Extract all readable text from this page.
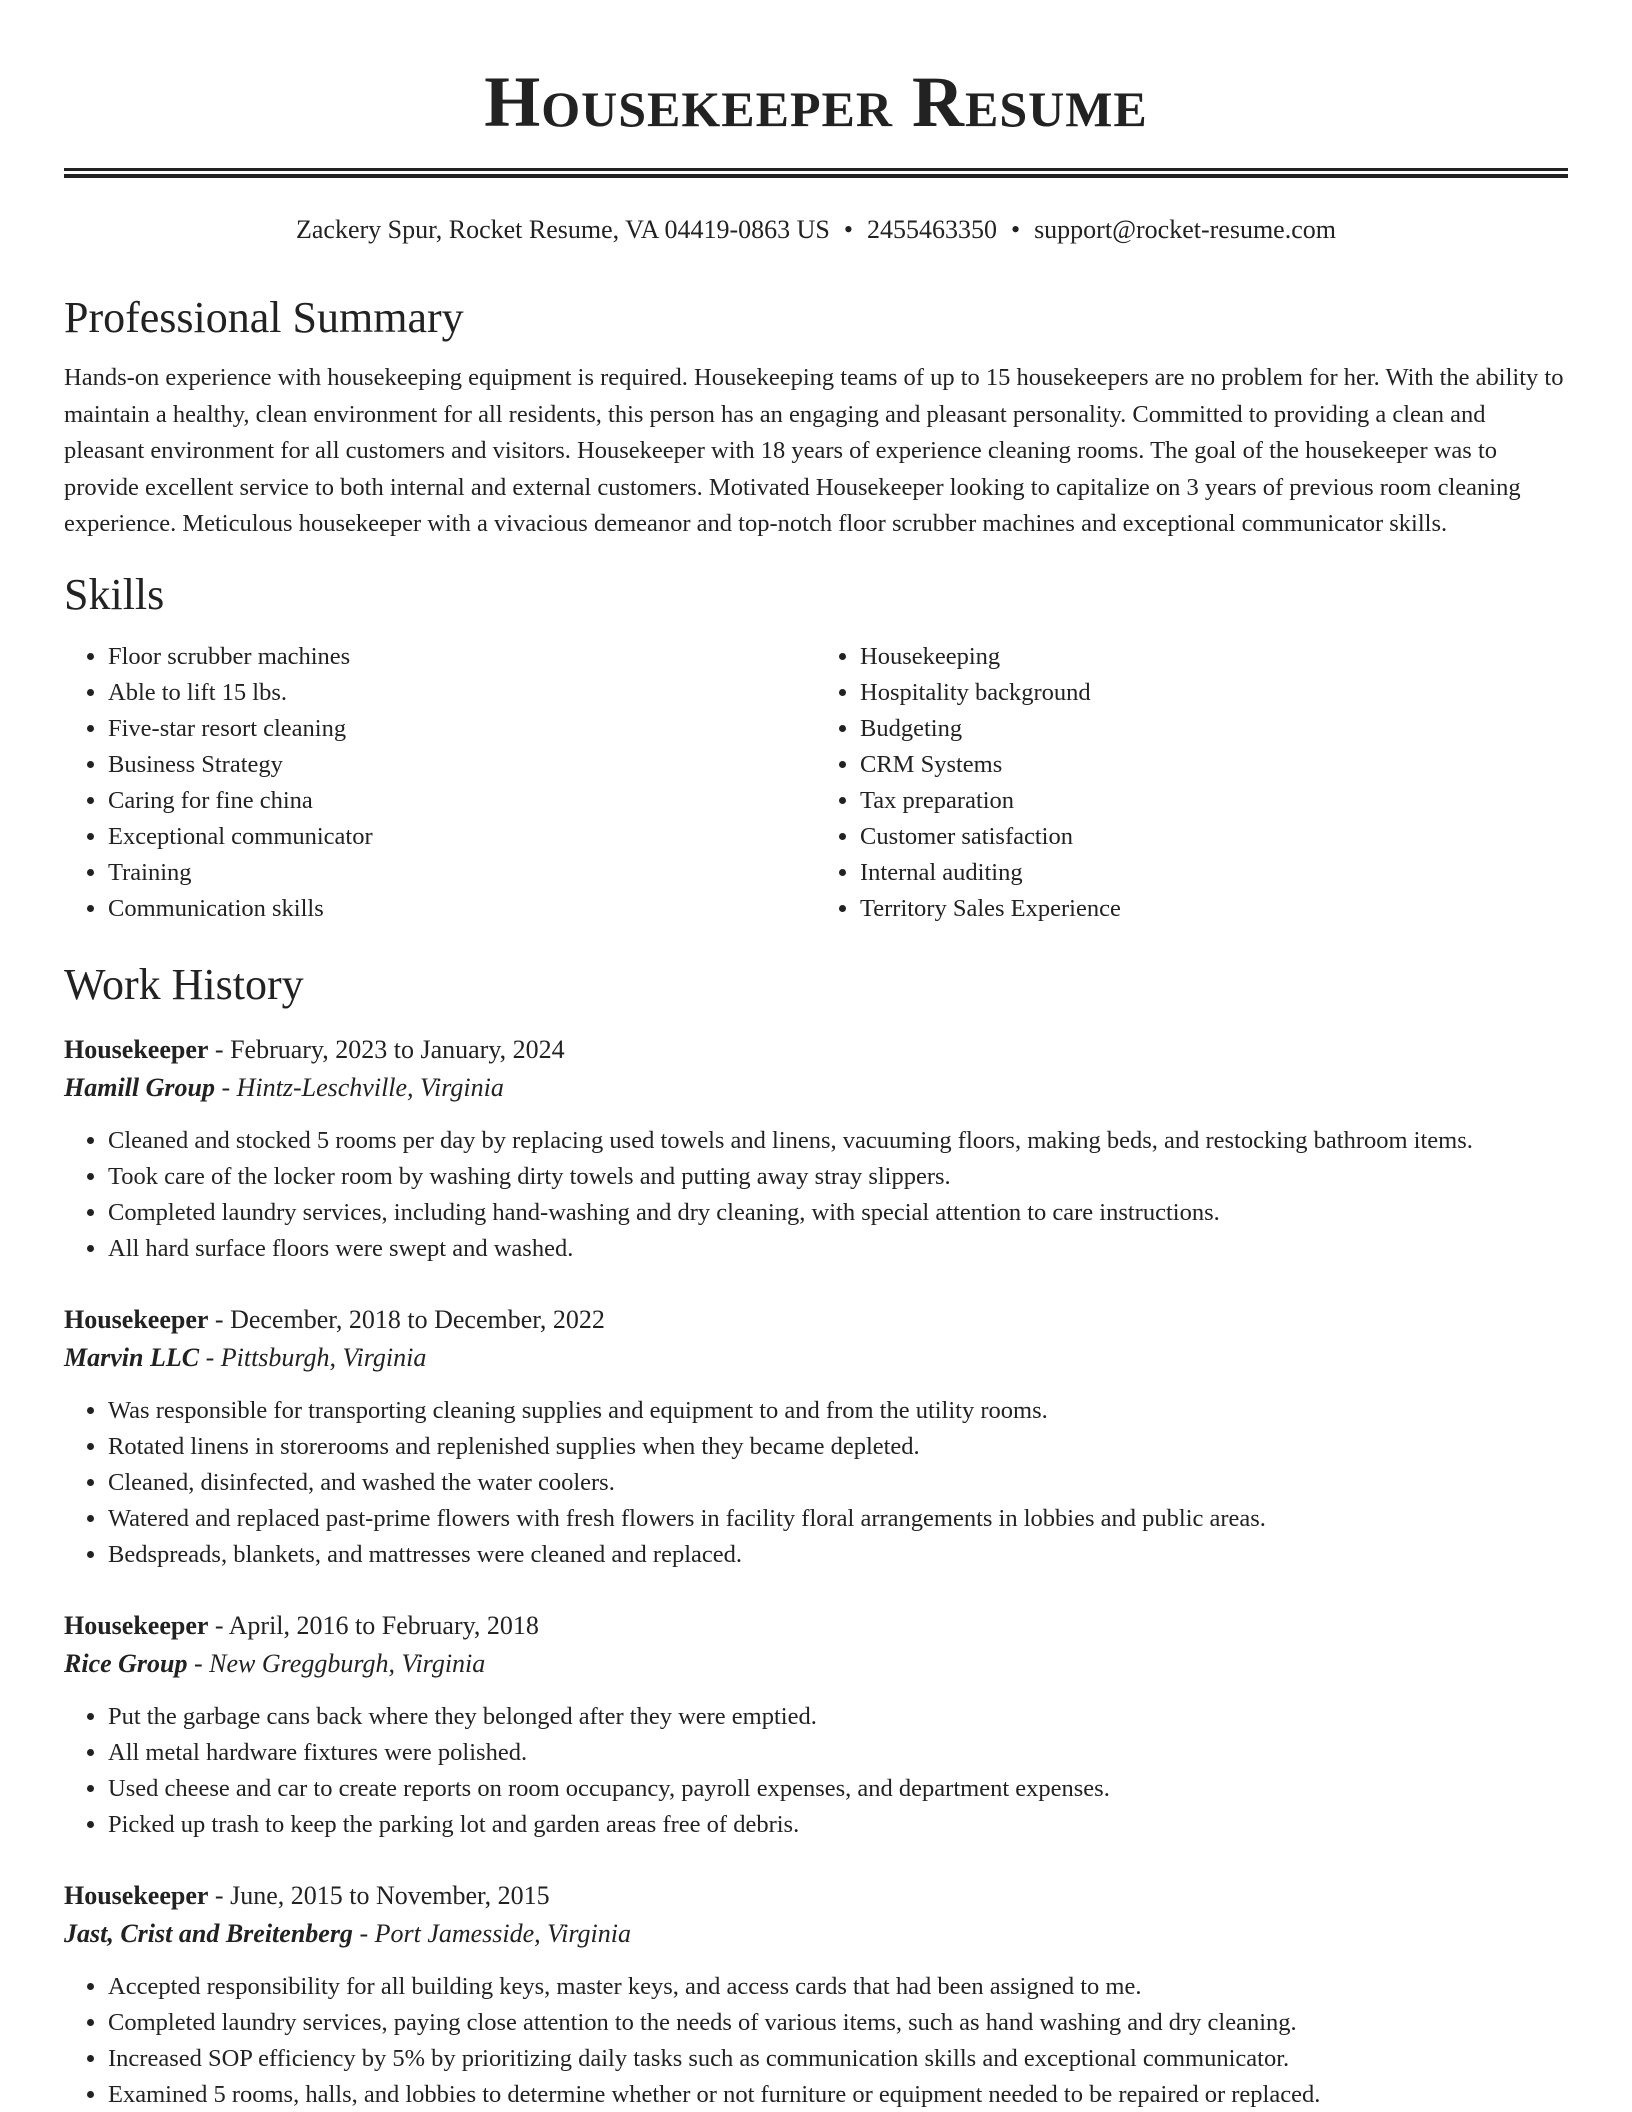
Housekeeper Resume
Zackery Spur, Rocket Resume, VA 04419-0863 US • 2455463350 • support@rocket-resume.com
Professional Summary

Hands-on experience with housekeeping equipment is required. Housekeeping teams of up to 15 housekeepers are no problem for her. With the ability to maintain a healthy, clean environment for all residents, this person has an engaging and pleasant personality. Committed to providing a clean and pleasant environment for all customers and visitors. Housekeeper with 18 years of experience cleaning rooms. The goal of the housekeeper was to provide excellent service to both internal and external customers. Motivated Housekeeper looking to capitalize on 3 years of previous room cleaning experience. Meticulous housekeeper with a vivacious demeanor and top-notch floor scrubber machines and exceptional communicator skills.

Skills
• Floor scrubber machines
• Able to lift 15 lbs.
• Five-star resort cleaning
• Business Strategy
• Caring for fine china
• Exceptional communicator
• Training
• Communication skills
• Housekeeping
• Hospitality background
• Budgeting
• CRM Systems
• Tax preparation
• Customer satisfaction
• Internal auditing
• Territory Sales Experience
Work History
Housekeeper - February, 2023 to January, 2024
Hamill Group - Hintz-Leschville, Virginia
• Cleaned and stocked 5 rooms per day by replacing used towels and linens, vacuuming floors, making beds, and restocking bathroom items.
• Took care of the locker room by washing dirty towels and putting away stray slippers.
• Completed laundry services, including hand-washing and dry cleaning, with special attention to care instructions.
• All hard surface floors were swept and washed.
Housekeeper - December, 2018 to December, 2022
Marvin LLC - Pittsburgh, Virginia
• Was responsible for transporting cleaning supplies and equipment to and from the utility rooms.
• Rotated linens in storerooms and replenished supplies when they became depleted.
• Cleaned, disinfected, and washed the water coolers.
• Watered and replaced past-prime flowers with fresh flowers in facility floral arrangements in lobbies and public areas.
• Bedspreads, blankets, and mattresses were cleaned and replaced.
Housekeeper - April, 2016 to February, 2018
Rice Group - New Greggburgh, Virginia
• Put the garbage cans back where they belonged after they were emptied.
• All metal hardware fixtures were polished.
• Used cheese and car to create reports on room occupancy, payroll expenses, and department expenses.
• Picked up trash to keep the parking lot and garden areas free of debris.
Housekeeper - June, 2015 to November, 2015
Jast, Crist and Breitenberg - Port Jamesside, Virginia
• Accepted responsibility for all building keys, master keys, and access cards that had been assigned to me.
• Completed laundry services, paying close attention to the needs of various items, such as hand washing and dry cleaning.
• Increased SOP efficiency by 5% by prioritizing daily tasks such as communication skills and exceptional communicator.
• Examined 5 rooms, halls, and lobbies to determine whether or not furniture or equipment needed to be repaired or replaced.
